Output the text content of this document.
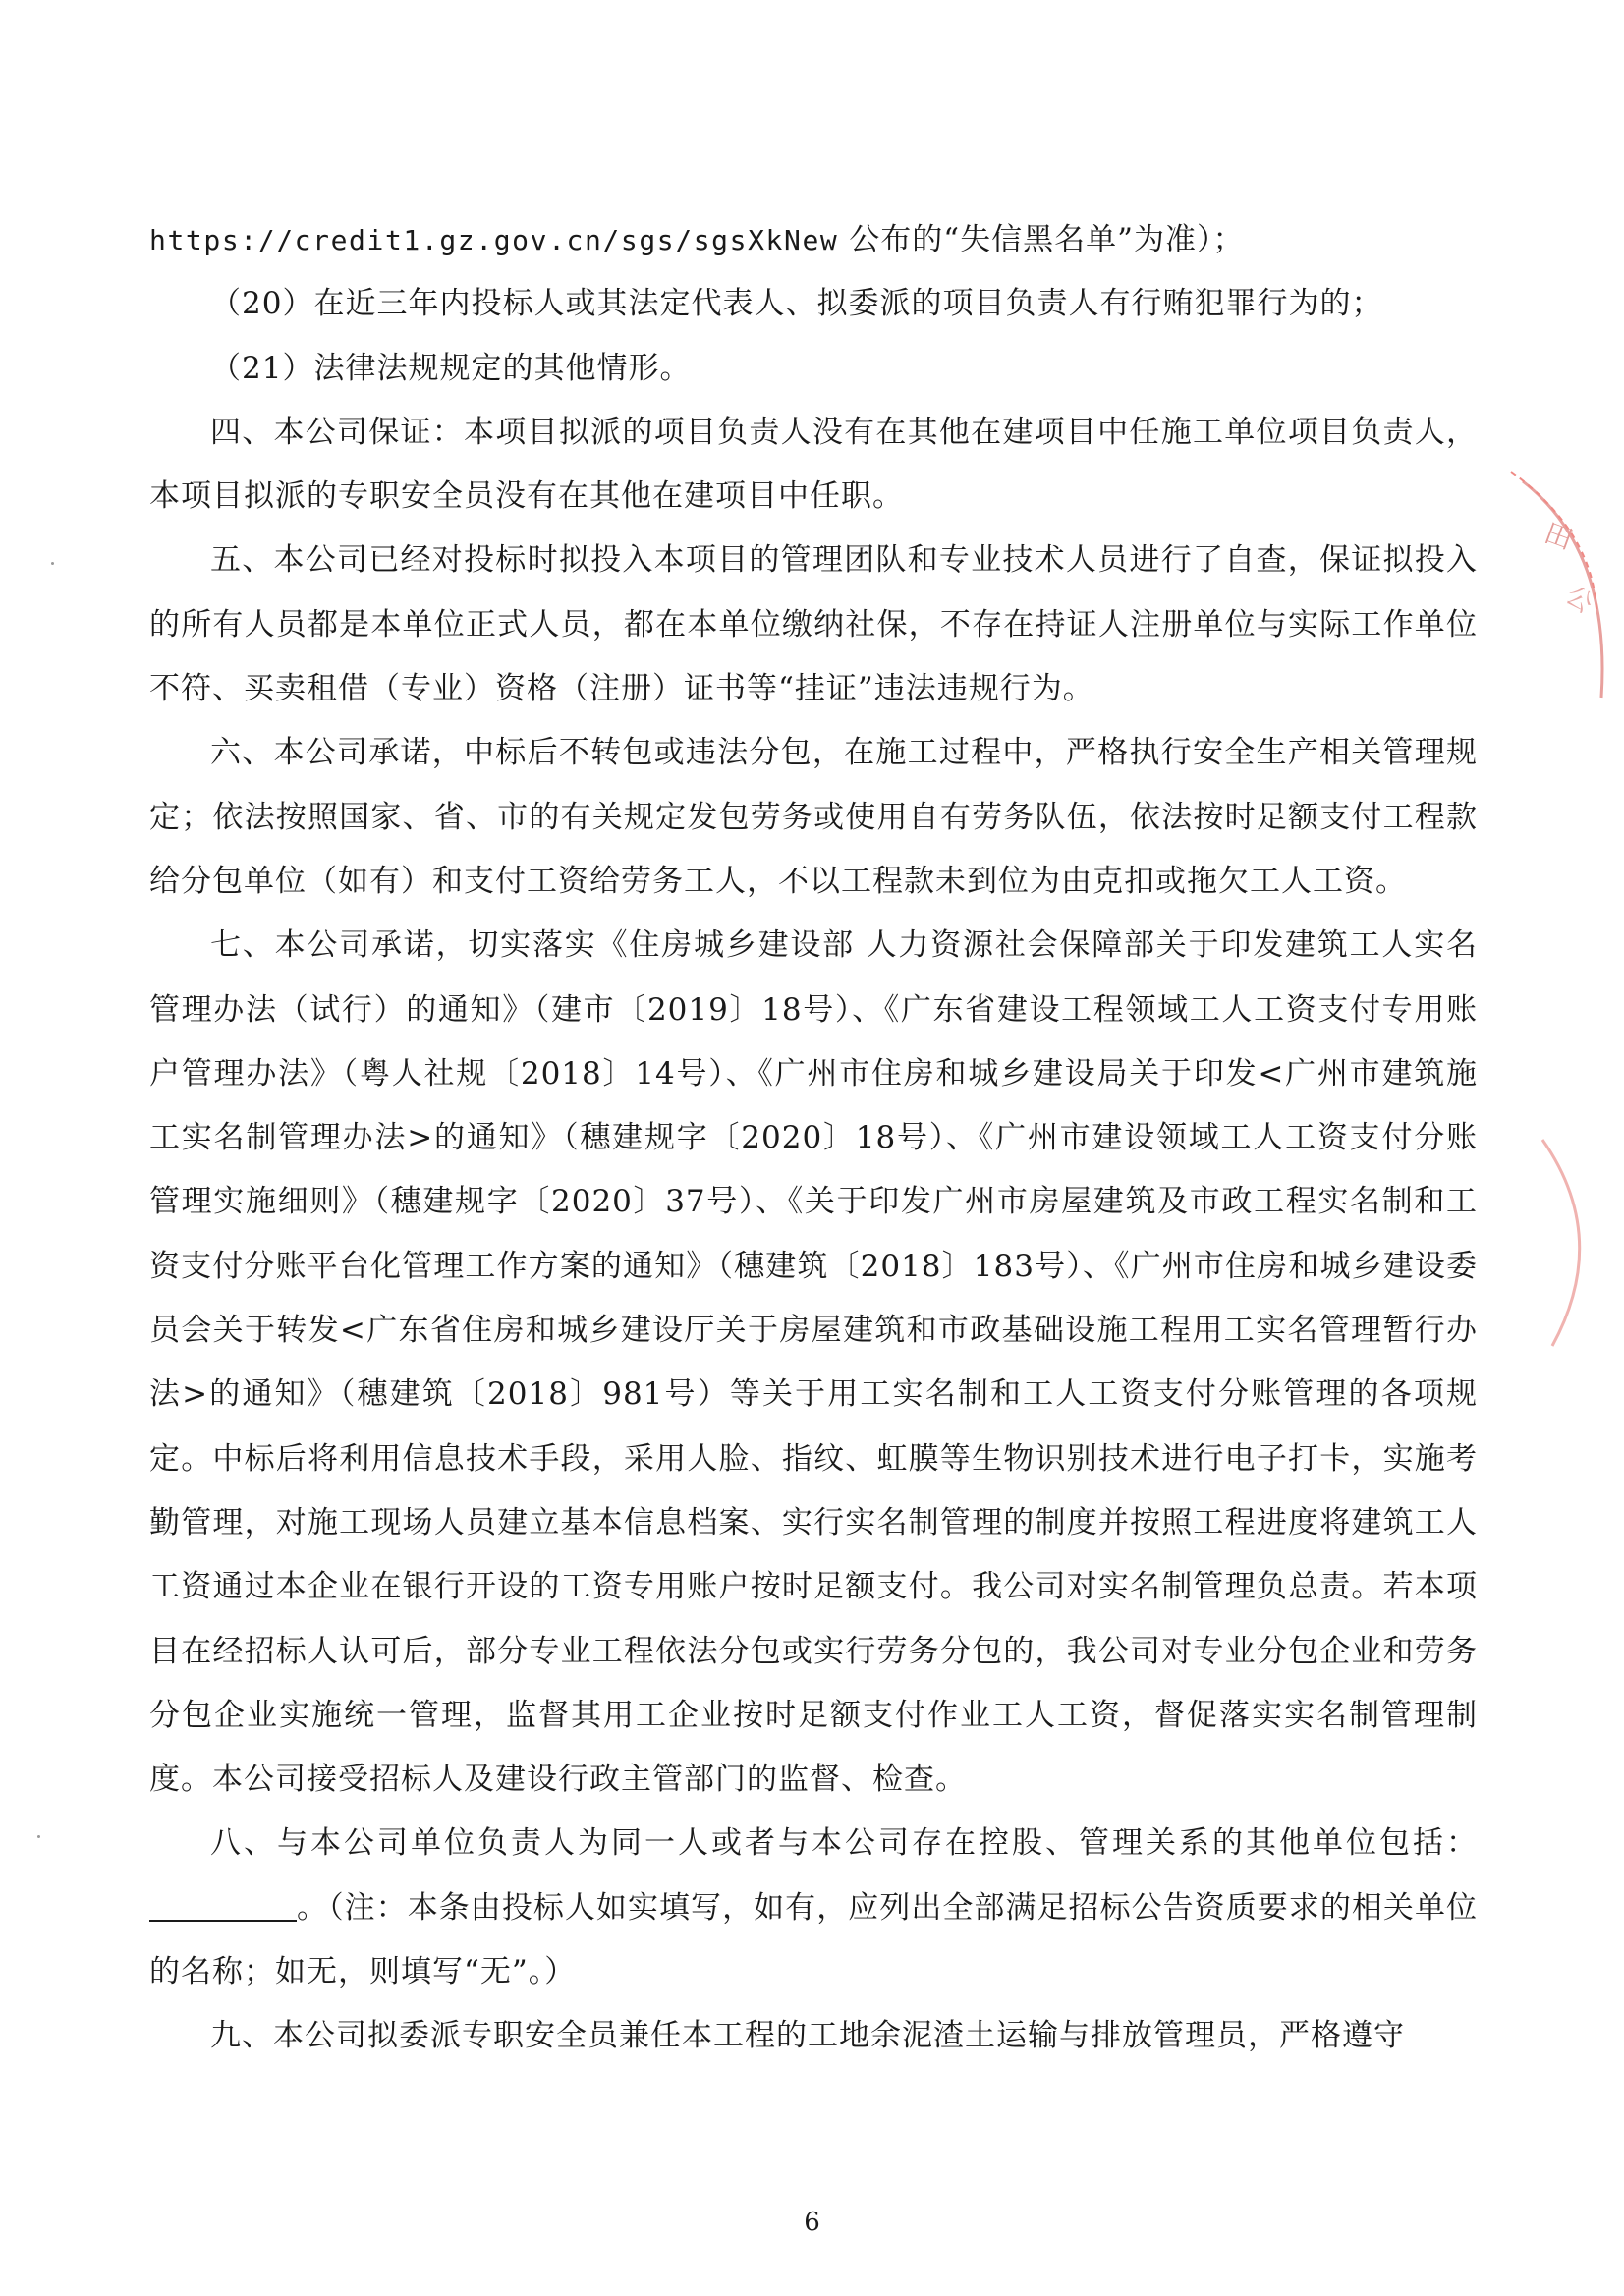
https://credit1.gz.gov.cn/sgs/sgsXkNew 公布的“失信黑名单”为准）；

（20）在近三年内投标人或其法定代表人、拟委派的项目负责人有行贿犯罪行为的；

（21）法律法规规定的其他情形。

四、本公司保证：本项目拟派的项目负责人没有在其他在建项目中任施工单位项目负责人，本项目拟派的专职安全员没有在其他在建项目中任职。

五、本公司已经对投标时拟投入本项目的管理团队和专业技术人员进行了自查，保证拟投入的所有人员都是本单位正式人员，都在本单位缴纳社保，不存在持证人注册单位与实际工作单位不符、买卖租借（专业）资格（注册）证书等“挂证”违法违规行为。

六、本公司承诺，中标后不转包或违法分包，在施工过程中，严格执行安全生产相关管理规定；依法按照国家、省、市的有关规定发包劳务或使用自有劳务队伍，依法按时足额支付工程款给分包单位（如有）和支付工资给劳务工人，不以工程款未到位为由克扣或拖欠工人工资。

七、本公司承诺，切实落实《住房城乡建设部 人力资源社会保障部关于印发建筑工人实名管理办法（试行）的通知》（建市〔2019〕18号）、《广东省建设工程领域工人工资支付专用账户管理办法》（粤人社规〔2018〕14号）、《广州市住房和城乡建设局关于印发<广州市建筑施工实名制管理办法>的通知》（穗建规字〔2020〕18号）、《广州市建设领域工人工资支付分账管理实施细则》（穗建规字〔2020〕37号）、《关于印发广州市房屋建筑及市政工程实名制和工资支付分账平台化管理工作方案的通知》（穗建筑〔2018〕183号）、《广州市住房和城乡建设委员会关于转发<广东省住房和城乡建设厅关于房屋建筑和市政基础设施工程用工实名管理暂行办法>的通知》（穗建筑〔2018〕981号）等关于用工实名制和工人工资支付分账管理的各项规定。中标后将利用信息技术手段，采用人脸、指纹、虹膜等生物识别技术进行电子打卡，实施考勤管理，对施工现场人员建立基本信息档案、实行实名制管理的制度并按照工程进度将建筑工人工资通过本企业在银行开设的工资专用账户按时足额支付。我公司对实名制管理负总责。若本项目在经招标人认可后，部分专业工程依法分包或实行劳务分包的，我公司对专业分包企业和劳务分包企业实施统一管理，监督其用工企业按时足额支付作业工人工资，督促落实实名制管理制度。本公司接受招标人及建设行政主管部门的监督、检查。

八、与本公司单位负责人为同一人或者与本公司存在控股、管理关系的其他单位包括：。（注：本条由投标人如实填写，如有，应列出全部满足招标公告资质要求的相关单位的名称；如无，则填写“无”。）

九、本公司拟委派专职安全员兼任本工程的工地余泥渣土运输与排放管理员，严格遵守

6
田
公
